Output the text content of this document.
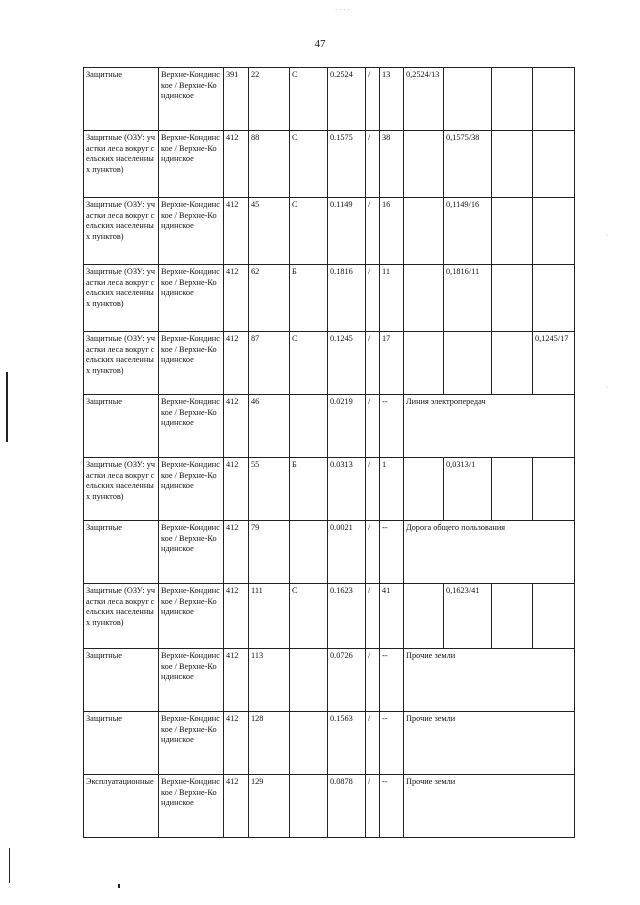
47
Защитные	Верхне-Кондинское / Верхне-Кондинское	391	22	С	0.2524	/	13	0,2524/13			
Защитные (ОЗУ: участки леса вокруг сельских населенных пунктов)	Верхне-Кондинское / Верхне-Кондинское	412	88	С	0.1575	/	38		0,1575/38		
Защитные (ОЗУ: участки леса вокруг сельских населенных пунктов)	Верхне-Кондинское / Верхне-Кондинское	412	45	С	0.1149	/	16		0,1149/16		
Защитные (ОЗУ: участки леса вокруг сельских населенных пунктов)	Верхне-Кондинское / Верхне-Кондинское	412	62	Б	0.1816	/	11		0,1816/11		
Защитные (ОЗУ: участки леса вокруг сельских населенных пунктов)	Верхне-Кондинское / Верхне-Кондинское	412	87	С	0.1245	/	17				0,1245/17
Защитные	Верхне-Кондинское / Верхне-Кондинское	412	46		0.0219	/	--	Линия электропередач			
Защитные (ОЗУ: участки леса вокруг сельских населенных пунктов)	Верхне-Кондинское / Верхне-Кондинское	412	55	Б	0.0313	/	1		0,0313/1		
Защитные	Верхне-Кондинское / Верхне-Кондинское	412	79		0.0021	/	--	Дорога общего пользования			
Защитные (ОЗУ: участки леса вокруг сельских населенных пунктов)	Верхне-Кондинское / Верхне-Кондинское	412	111	С	0.1623	/	41		0,1623/41		
Защитные	Верхне-Кондинское / Верхне-Кондинское	412	113		0.0726	/	--	Прочие земли			
Защитные	Верхне-Кондинское / Верхне-Кондинское	412	128		0.1563	/	--	Прочие земли			
Эксплуатационные	Верхне-Кондинское / Верхне-Кондинское	412	129		0.0878	/	--	Прочие земли			
· · · ·
·
·
